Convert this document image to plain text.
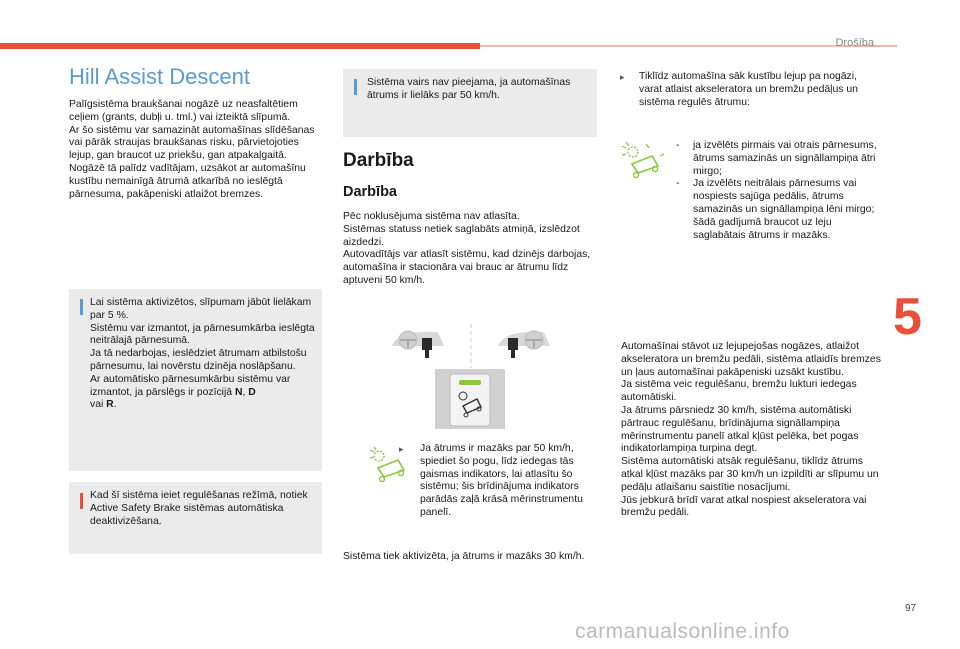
Drošība
5
97
carmanualsonline.info
Hill Assist Descent

Palīgsistēma braukšanai nogāzē uz neasfaltētiem ceļiem (grants, dubļi u. tml.) vai izteiktā slīpumā.
Ar šo sistēmu var samazināt automašīnas slīdēšanas vai pārāk straujas braukšanas risku, pārvietojoties lejup, gan braucot uz priekšu, gan atpakaļgaitā.
Nogāzē tā palīdz vadītājam, uzsākot ar automašīnu kustību nemainīgā ātrumā atkarībā no ieslēgtā pārnesuma, pakāpeniski atlaižot bremzes.

Lai sistēma aktivizētos, slīpumam jābūt lielākam par 5 %.
Sistēmu var izmantot, ja pārnesumkārba ieslēgta neitrālajā pārnesumā.
Ja tā nedarbojas, ieslēdziet ātrumam atbilstošu pārnesumu, lai novērstu dzinēja noslāpšanu.
Ar automātisko pārnesumkārbu sistēmu var izmantot, ja pārslēgs ir pozīcijā N, D
vai R.

Kad šī sistēma ieiet regulēšanas režīmā, notiek Active Safety Brake sistēmas automātiska deaktivizēšana.

Sistēma vairs nav pieejama, ja automašīnas ātrums ir lielāks par 50 km/h.

Darbība
Darbība

Pēc noklusējuma sistēma nav atlasīta.
Sistēmas statuss netiek saglabāts atmiņā, izslēdzot aizdedzi.
Autovadītājs var atlasīt sistēmu, kad dzinējs darbojas, automašīna ir stacionāra vai brauc ar ātrumu līdz aptuveni 50 km/h.

▸ Ja ātrums ir mazāks par 50 km/h, spiediet šo pogu, līdz iedegas tās gaismas indikators, lai atlasītu šo sistēmu; šis brīdinājuma indikators parādās zaļā krāsā mērinstrumentu panelī.

Sistēma tiek aktivizēta, ja ātrums ir mazāks 30 km/h.

▸ Tiklīdz automašīna sāk kustību lejup pa nogāzi, varat atlaist akseleratora un bremžu pedāļus un sistēma regulēs ātrumu:

- ja izvēlēts pirmais vai otrais pārnesums, ātrums samazinās un signāllampiņa ātri mirgo;
- Ja izvēlēts neitrālais pārnesums vai nospiests sajūga pedālis, ātrums samazinās un signāllampiņa lēni mirgo; šādā gadījumā braucot uz leju saglabātais ātrums ir mazāks.

Automašīnai stāvot uz lejupejošas nogāzes, atlaižot akseleratora un bremžu pedāli, sistēma atlaidīs bremzes un ļaus automašīnai pakāpeniski uzsākt kustību.
Ja sistēma veic regulēšanu, bremžu lukturi iedegas automātiski.
Ja ātrums pārsniedz 30 km/h, sistēma automātiski pārtrauc regulēšanu, brīdinājuma signāllampiņa mērinstrumentu panelī atkal kļūst pelēka, bet pogas indikatorlampiņa turpina degt.
Sistēma automātiski atsāk regulēšanu, tiklīdz ātrums atkal kļūst mazāks par 30 km/h un izpildīti ar slīpumu un pedāļu atlaišanu saistītie nosacījumi.
Jūs jebkurā brīdī varat atkal nospiest akseleratora vai bremžu pedāli.
